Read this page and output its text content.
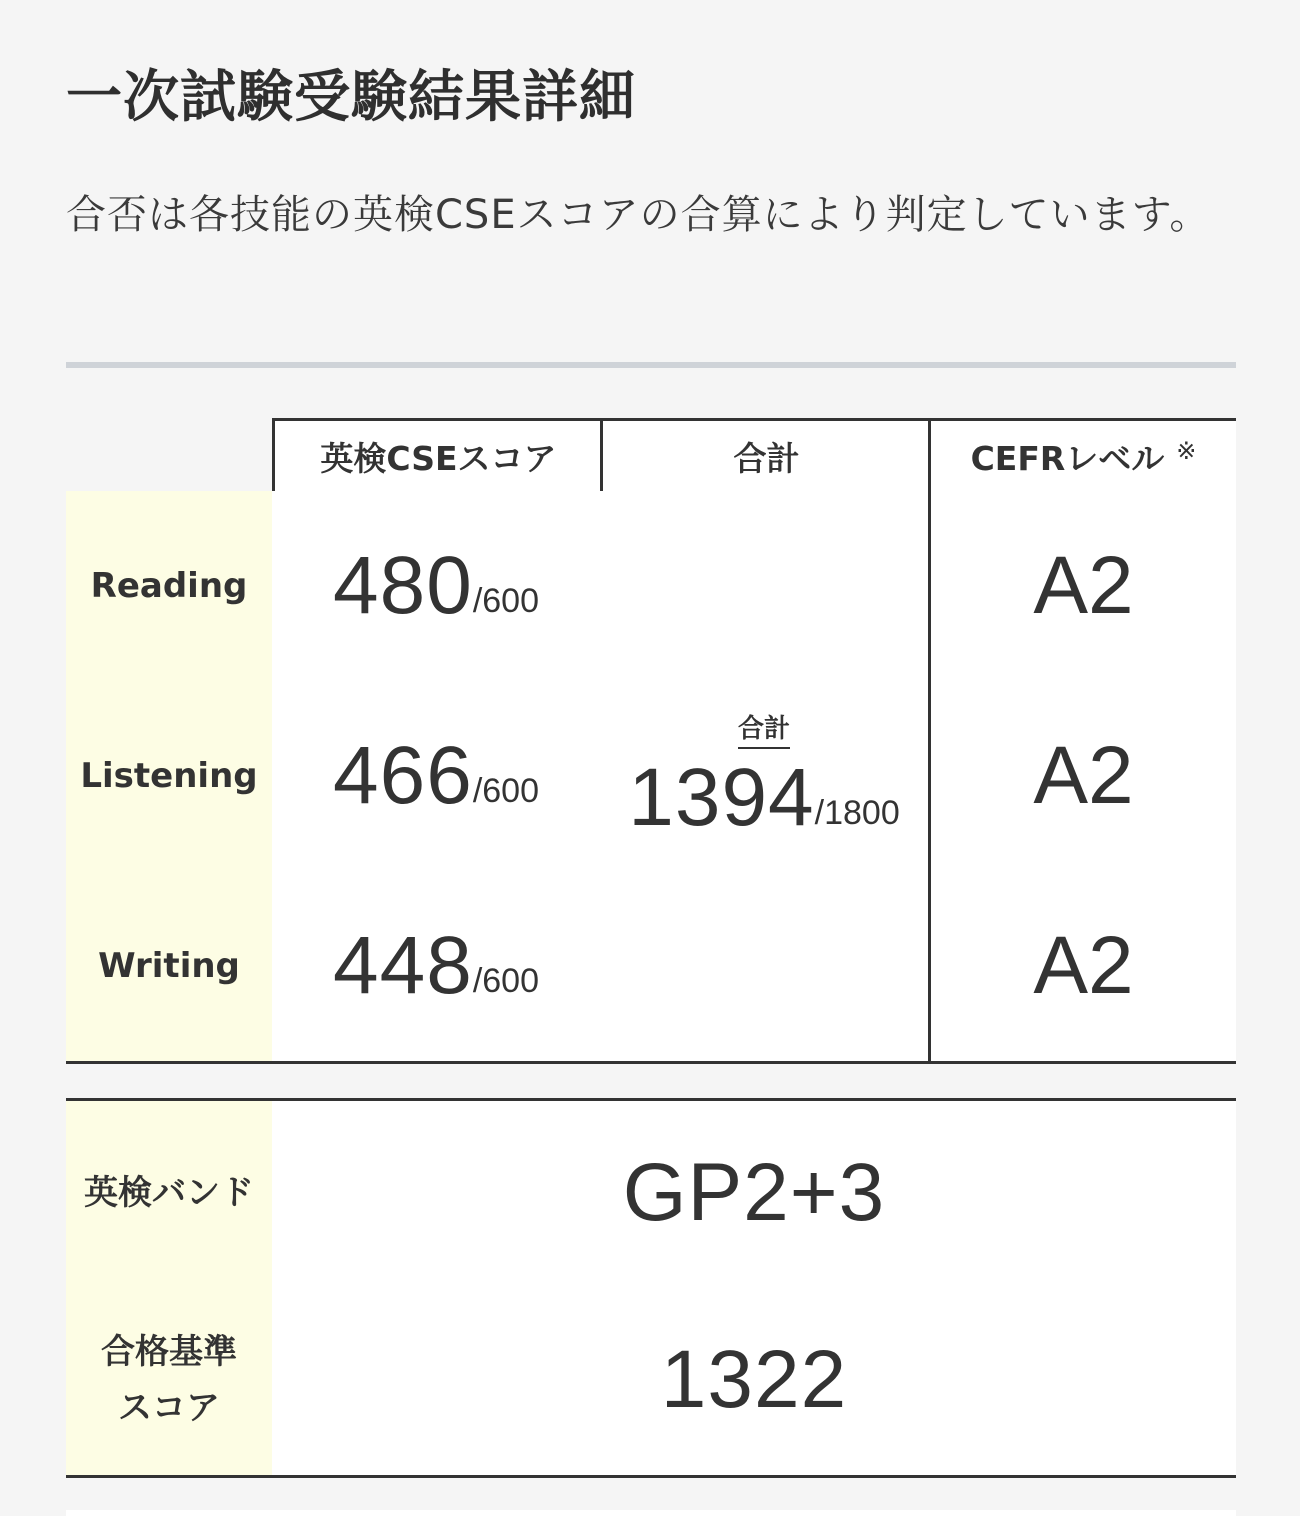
一次試験受験結果詳細

合否は各技能の英検CSEスコアの合算により判定しています。

英検CSEスコア	合計	CEFRレベル ※
Reading 480 /600	A2
Listening 466 /600	A2
Writing 448 /600	A2
合計
1394 /1800
英検バンド	GP2+3
合格基準
スコア	1322
